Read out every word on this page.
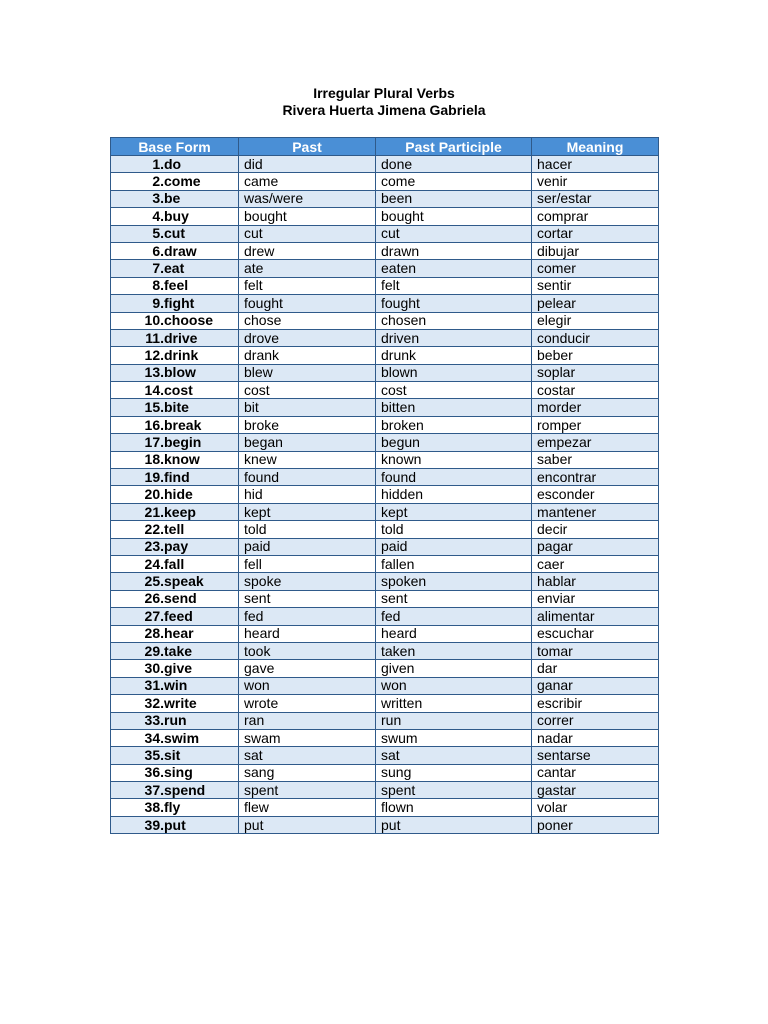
Irregular Plural Verbs
Rivera Huerta Jimena Gabriela
Base Form	Past	Past Participle	Meaning
1.do	did	done	hacer
2.come	came	come	venir
3.be	was/were	been	ser/estar
4.buy	bought	bought	comprar
5.cut	cut	cut	cortar
6.draw	drew	drawn	dibujar
7.eat	ate	eaten	comer
8.feel	felt	felt	sentir
9.fight	fought	fought	pelear
10.choose	chose	chosen	elegir
11.drive	drove	driven	conducir
12.drink	drank	drunk	beber
13.blow	blew	blown	soplar
14.cost	cost	cost	costar
15.bite	bit	bitten	morder
16.break	broke	broken	romper
17.begin	began	begun	empezar
18.know	knew	known	saber
19.find	found	found	encontrar
20.hide	hid	hidden	esconder
21.keep	kept	kept	mantener
22.tell	told	told	decir
23.pay	paid	paid	pagar
24.fall	fell	fallen	caer
25.speak	spoke	spoken	hablar
26.send	sent	sent	enviar
27.feed	fed	fed	alimentar
28.hear	heard	heard	escuchar
29.take	took	taken	tomar
30.give	gave	given	dar
31.win	won	won	ganar
32.write	wrote	written	escribir
33.run	ran	run	correr
34.swim	swam	swum	nadar
35.sit	sat	sat	sentarse
36.sing	sang	sung	cantar
37.spend	spent	spent	gastar
38.fly	flew	flown	volar
39.put	put	put	poner
